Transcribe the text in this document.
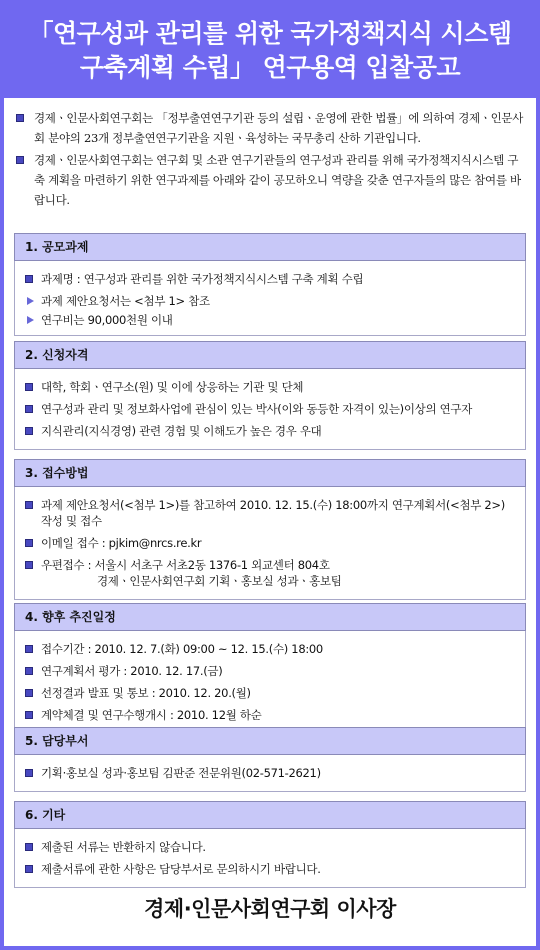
「연구성과 관리를 위한 국가정책지식 시스템
구축계획 수립」 연구용역 입찰공고
경제ㆍ인문사회연구회는 「정부출연연구기관 등의 설립ㆍ운영에 관한 법률」에 의하여 경제ㆍ인문사회 분야의 23개 정부출연연구기관을 지원ㆍ육성하는 국무총리 산하 기관입니다.
경제ㆍ인문사회연구회는 연구회 및 소관 연구기관들의 연구성과 관리를 위해 국가정책지식시스템 구축 계획을 마련하기 위한 연구과제를 아래와 같이 공모하오니 역량을 갖춘 연구자들의 많은 참여를 바랍니다.
1. 공모과제
과제명 : 연구성과 관리를 위한 국가정책지식시스템 구축 계획 수립
과제 제안요청서는 <첨부 1> 참조
연구비는 90,000천원 이내
2. 신청자격
대학, 학회ㆍ연구소(원) 및 이에 상응하는 기관 및 단체
연구성과 관리 및 정보화사업에 관심이 있는 박사(이와 동등한 자격이 있는)이상의 연구자
지식관리(지식경영) 관련 경험 및 이해도가 높은 경우 우대
3. 접수방법
과제 제안요청서(<첨부 1>)를 참고하여 2010. 12. 15.(수) 18:00까지 연구계획서(<첨부 2>) 작성 및 접수
이메일 접수 : pjkim@nrcs.re.kr
우편접수 : 서울시 서초구 서초2동 1376-1 외교센터 804호
경제ㆍ인문사회연구회 기획ㆍ홍보실 성과ㆍ홍보팀
4. 향후 추진일정
접수기간 : 2010. 12. 7.(화) 09:00 ~ 12. 15.(수) 18:00
연구계획서 평가 : 2010. 12. 17.(금)
선정결과 발표 및 통보 : 2010. 12. 20.(월)
계약체결 및 연구수행개시 : 2010. 12월 하순
5. 담당부서
기획·홍보실 성과·홍보팀 김판준 전문위원(02-571-2621)
6. 기타
제출된 서류는 반환하지 않습니다.
제출서류에 관한 사항은 담당부서로 문의하시기 바랍니다.
경제·인문사회연구회 이사장
